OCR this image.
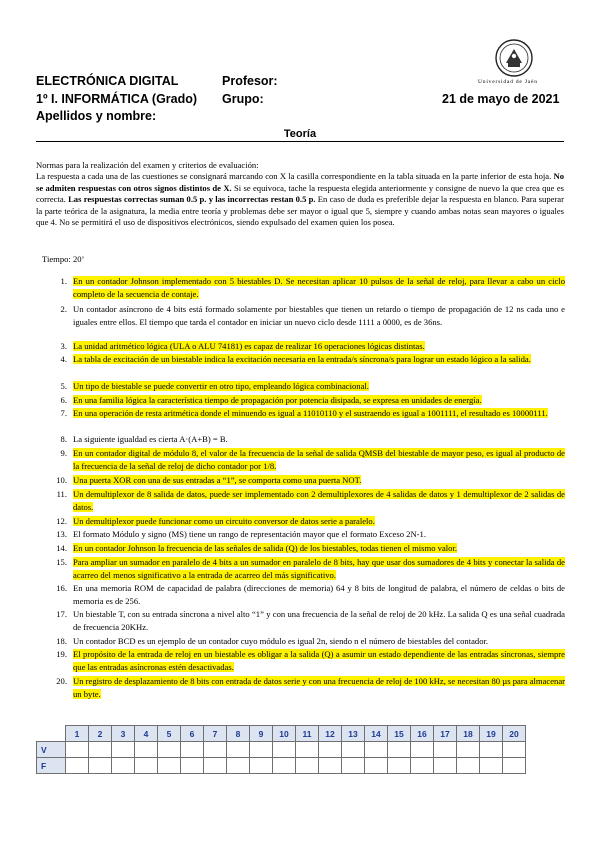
ELECTRÓNICA DIGITAL
1º I. INFORMÁTICA (Grado)
Apellidos y nombre:
Profesor:
Grupo:	21 de mayo de 2021
Universidad de Jaén
Teoría

Normas para la realización del examen y criterios de evaluación:

La respuesta a cada una de las cuestiones se consignará marcando con X la casilla correspondiente en la tabla situada en la parte inferior de esta hoja. No se admiten respuestas con otros signos distintos de X. Si se equivoca, tache la respuesta elegida anteriormente y consigne de nuevo la que crea que es correcta. Las respuestas correctas suman 0.5 p. y las incorrectas restan 0.5 p. En caso de duda es preferible dejar la respuesta en blanco. Para superar la parte teórica de la asignatura, la media entre teoría y problemas debe ser mayor o igual que 5, siempre y cuando ambas notas sean mayores o iguales que 4. No se permitirá el uso de dispositivos electrónicos, siendo expulsado del examen quien los posea.

Tiempo: 20’
1. En un contador Johnson implementado con 5 biestables D. Se necesitan aplicar 10 pulsos de la señal de reloj, para llevar a cabo un ciclo completo de la secuencia de contaje.
2. Un contador asíncrono de 4 bits está formado solamente por biestables que tienen un retardo o tiempo de propagación de 12 ns cada uno e iguales entre ellos. El tiempo que tarda el contador en iniciar un nuevo ciclo desde 1111 a 0000, es de 36ns.
3. La unidad aritmético lógica (ULA o ALU 74181) es capaz de realizar 16 operaciones lógicas distintas.
4. La tabla de excitación de un biestable indica la excitación necesaria en la entrada/s síncrona/s para lograr un estado lógico a la salida.
5. Un tipo de biestable se puede convertir en otro tipo, empleando lógica combinacional.
6. En una familia lógica la característica tiempo de propagación por potencia disipada, se expresa en unidades de energía.
7. En una operación de resta aritmética donde el minuendo es igual a 11010110 y el sustraendo es igual a 1001111, el resultado es 10000111.
8. La siguiente igualdad es cierta A·(A+B) = B.
9. En un contador digital de módulo 8, el valor de la frecuencia de la señal de salida QMSB del biestable de mayor peso, es igual al producto de la frecuencia de la señal de reloj de dicho contador por 1/8.
10. Una puerta XOR con una de sus entradas a “1”, se comporta como una puerta NOT.
11. Un demultiplexor de 8 salida de datos, puede ser implementado con 2 demultiplexores de 4 salidas de datos y 1 demultiplexor de 2 salidas de datos.
12. Un demultiplexor puede funcionar como un circuito conversor de datos serie a paralelo.
13. El formato Módulo y signo (MS) tiene un rango de representación mayor que el formato Exceso 2N-1.
14. En un contador Johnson la frecuencia de las señales de salida (Q) de los biestables, todas tienen el mismo valor.
15. Para ampliar un sumador en paralelo de 4 bits a un sumador en paralelo de 8 bits, hay que usar dos sumadores de 4 bits y conectar la salida de acarreo del menos significativo a la entrada de acarreo del más significativo.
16. En una memoria ROM de capacidad de palabra (direcciones de memoria) 64 y 8 bits de longitud de palabra, el número de celdas o bits de memoria es de 256.
17. Un biestable T, con su entrada síncrona a nivel alto “1” y con una frecuencia de la señal de reloj de 20 kHz. La salida Q es una señal cuadrada de frecuencia 20KHz.
18. Un contador BCD es un ejemplo de un contador cuyo módulo es igual 2n, siendo n el número de biestables del contador.
19. El propósito de la entrada de reloj en un biestable es obligar a la salida (Q) a asumir un estado dependiente de las entradas síncronas, siempre que las entradas asíncronas estén desactivadas.
20. Un registro de desplazamiento de 8 bits con entrada de datos serie y con una frecuencia de reloj de 100 kHz, se necesitan 80 µs para almacenar un byte.
	1	2	3	4	5	6	7	8	9	10	11	12	13	14	15	16	17	18	19	20
V																				
F																				
